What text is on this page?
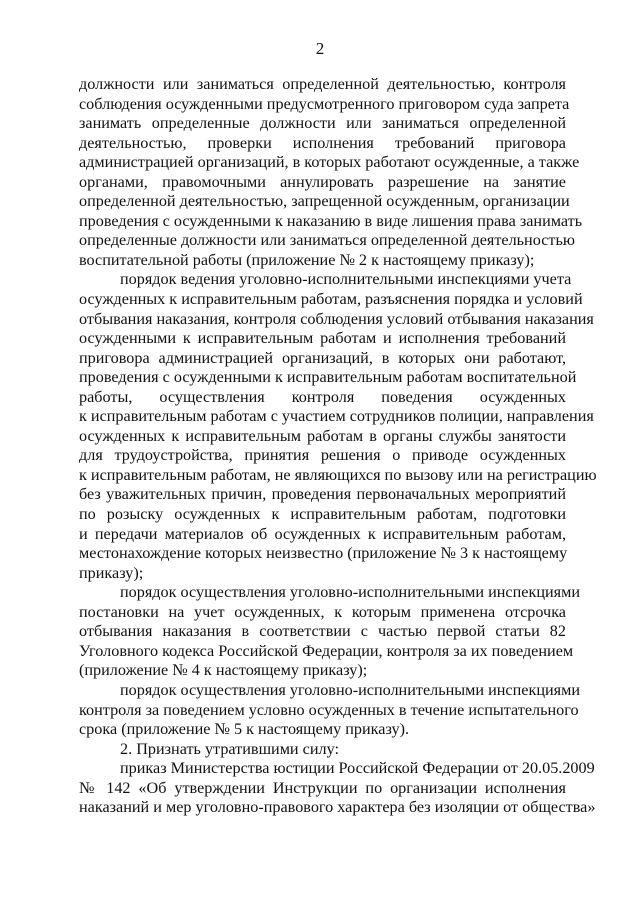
2
должности или заниматься определенной деятельностью, контроля
соблюдения осужденными предусмотренного приговором суда запрета
занимать определенные должности или заниматься определенной
деятельностью, проверки исполнения требований приговора
администрацией организаций, в которых работают осужденные, а также
органами, правомочными аннулировать разрешение на занятие
определенной деятельностью, запрещенной осужденным, организации
проведения с осужденными к наказанию в виде лишения права занимать
определенные должности или заниматься определенной деятельностью
воспитательной работы (приложение № 2 к настоящему приказу);
порядок ведения уголовно-исполнительными инспекциями учета
осужденных к исправительным работам, разъяснения порядка и условий
отбывания наказания, контроля соблюдения условий отбывания наказания
осужденными к исправительным работам и исполнения требований
приговора администрацией организаций, в которых они работают,
проведения с осужденными к исправительным работам воспитательной
работы, осуществления контроля поведения осужденных
к исправительным работам с участием сотрудников полиции, направления
осужденных к исправительным работам в органы службы занятости
для трудоустройства, принятия решения о приводе осужденных
к исправительным работам, не являющихся по вызову или на регистрацию
без уважительных причин, проведения первоначальных мероприятий
по розыску осужденных к исправительным работам, подготовки
и передачи материалов об осужденных к исправительным работам,
местонахождение которых неизвестно (приложение № 3 к настоящему
приказу);
порядок осуществления уголовно-исполнительными инспекциями
постановки на учет осужденных, к которым применена отсрочка
отбывания наказания в соответствии с частью первой статьи 82
Уголовного кодекса Российской Федерации, контроля за их поведением
(приложение № 4 к настоящему приказу);
порядок осуществления уголовно-исполнительными инспекциями
контроля за поведением условно осужденных в течение испытательного
срока (приложение № 5 к настоящему приказу).
2. Признать утратившими силу:
приказ Министерства юстиции Российской Федерации от 20.05.2009
№ 142 «Об утверждении Инструкции по организации исполнения
наказаний и мер уголовно-правового характера без изоляции от общества»
